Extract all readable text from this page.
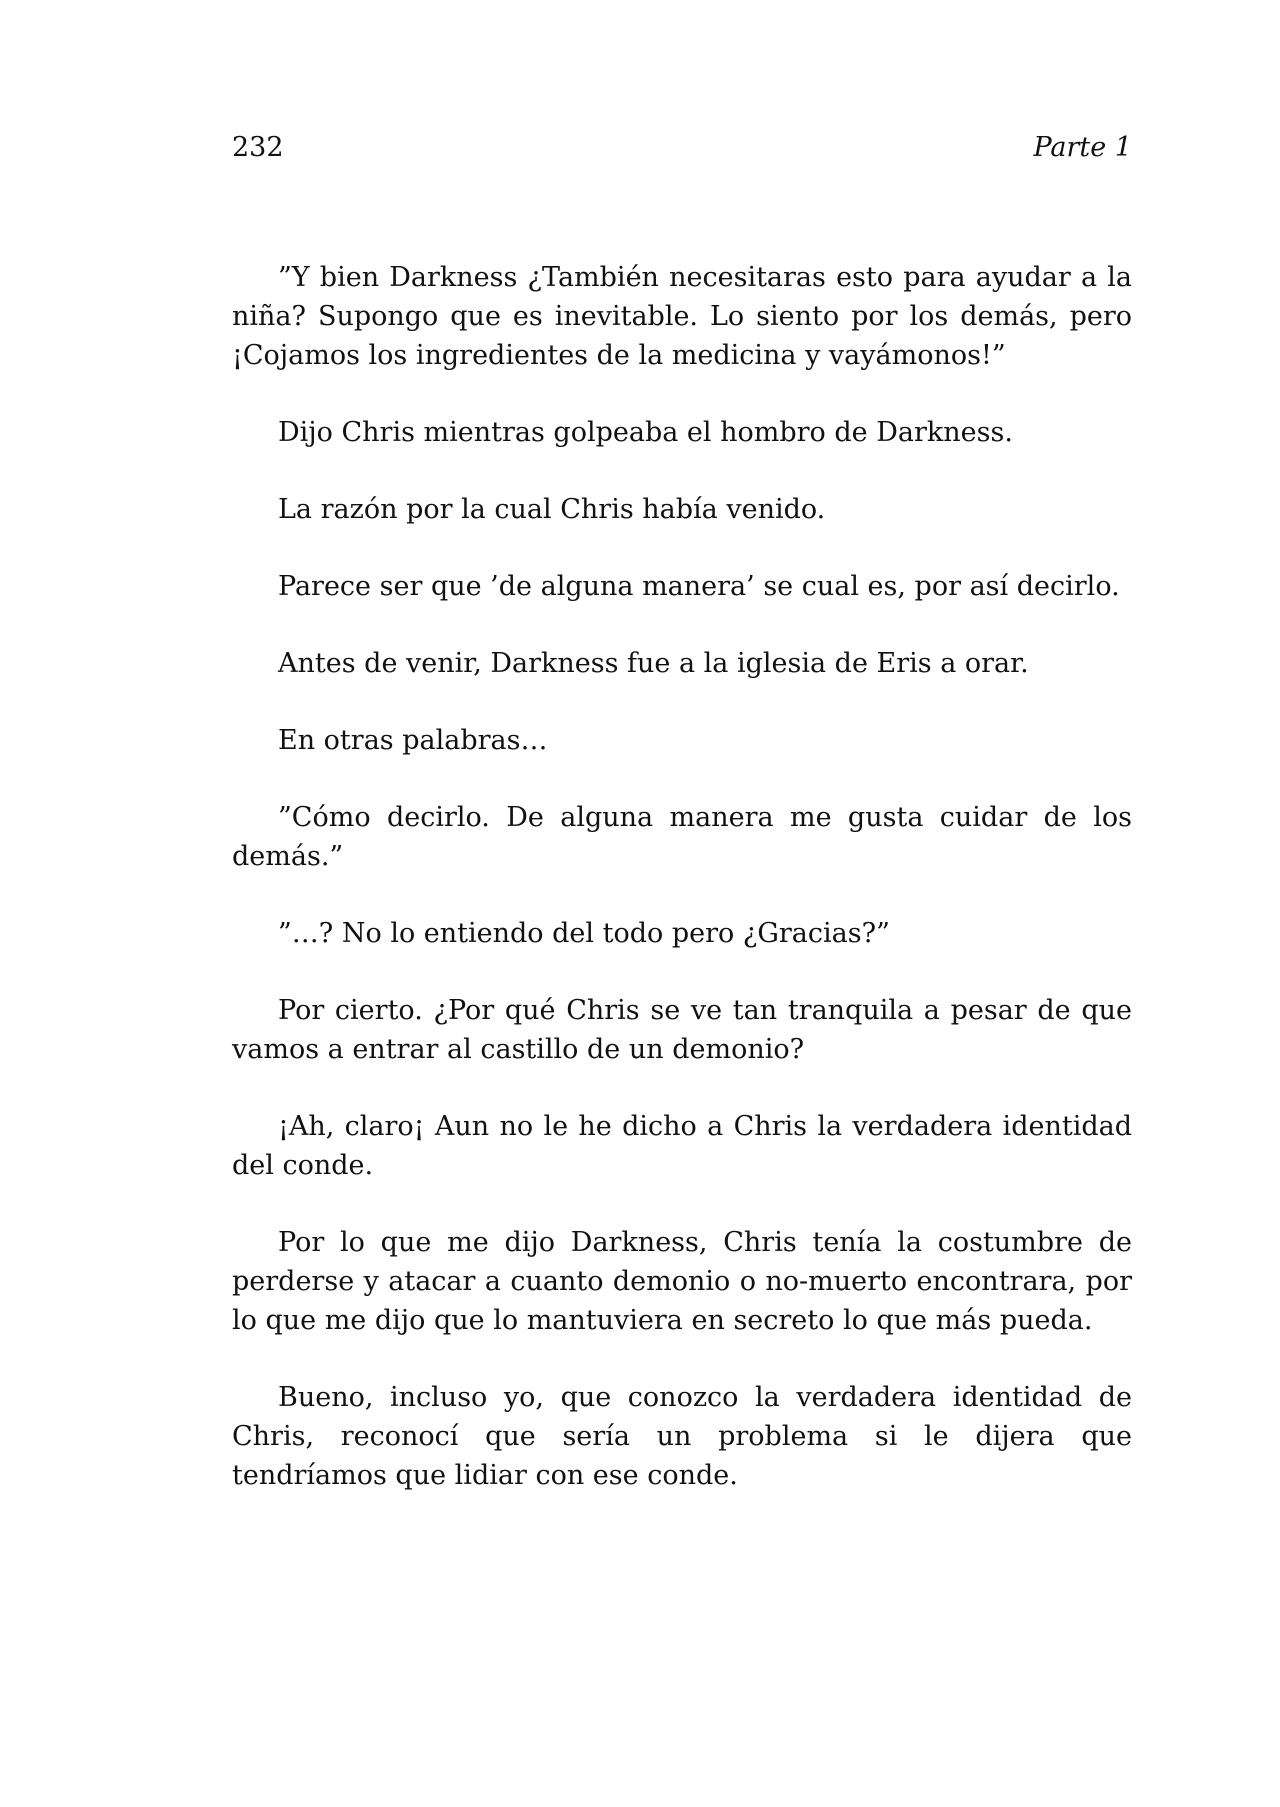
232	Parte 1

”Y bien Darkness ¿También necesitaras esto para ayudar a la niña? Supongo que es inevitable. Lo siento por los demás, pero ¡Cojamos los ingredientes de la medicina y vayámonos!”

Dijo Chris mientras golpeaba el hombro de Darkness.

La razón por la cual Chris había venido.

Parece ser que ’de alguna manera’ se cual es, por así decirlo.

Antes de venir, Darkness fue a la iglesia de Eris a orar.

En otras palabras…

”Cómo decirlo. De alguna manera me gusta cuidar de los demás.”

”…? No lo entiendo del todo pero ¿Gracias?”

Por cierto. ¿Por qué Chris se ve tan tranquila a pesar de que vamos a entrar al castillo de un demonio?

¡Ah, claro¡ Aun no le he dicho a Chris la verdadera identidad del conde.

Por lo que me dijo Darkness, Chris tenía la costumbre de perderse y atacar a cuanto demonio o no-muerto encontrara, por lo que me dijo que lo mantuviera en secreto lo que más pueda.

Bueno, incluso yo, que conozco la verdadera identidad de Chris, reconocí que sería un problema si le dijera que tendríamos que lidiar con ese conde.
